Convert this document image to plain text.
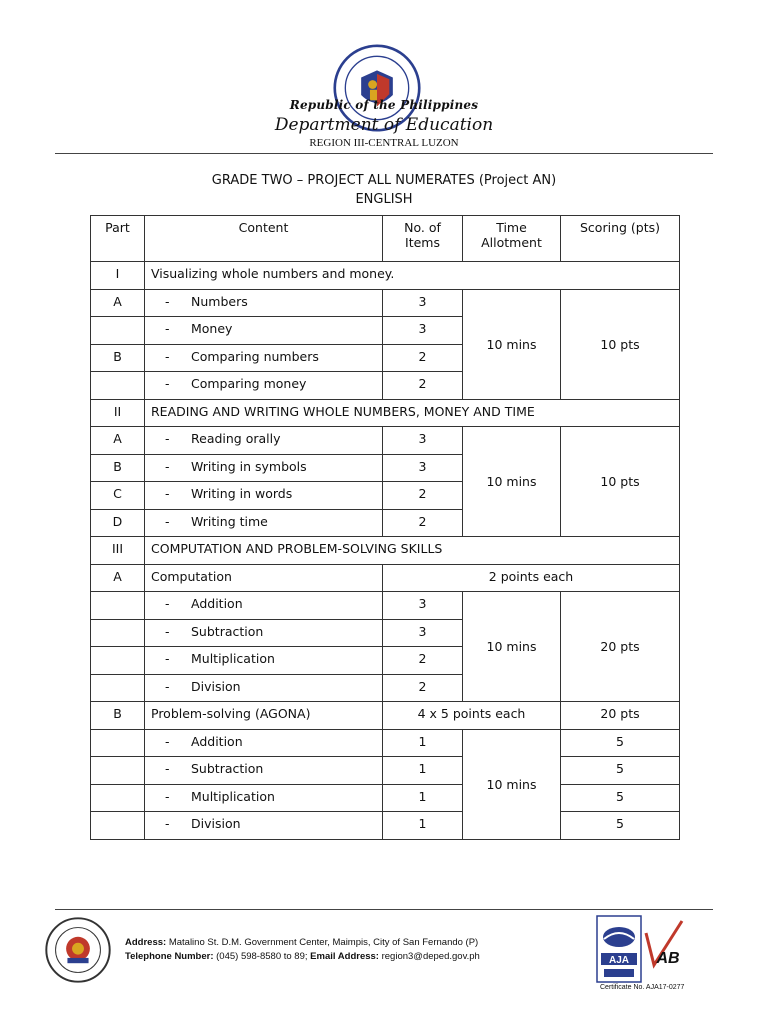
Republic of the Philippines
Department of Education
REGION III-CENTRAL LUZON
GRADE TWO – PROJECT ALL NUMERATES (Project AN)
ENGLISH
Part	Content	No. of Items	Time Allotment	Scoring (pts)
I	Visualizing whole numbers and money.			
A	- Numbers	3	10 mins	10 pts
	- Money	3		
B	- Comparing numbers	2		
	- Comparing money	2		
II	READING AND WRITING WHOLE NUMBERS, MONEY AND TIME			
A	- Reading orally	3	10 mins	10 pts
B	- Writing in symbols	3		
C	- Writing in words	2		
D	- Writing time	2		
III	COMPUTATION AND PROBLEM-SOLVING SKILLS			
A	Computation	2 points each		
	- Addition	3	10 mins	20 pts
	- Subtraction	3		
	- Multiplication	2		
	- Division	2		
B	Problem-solving (AGONA)	4 x 5 points each		20 pts
	- Addition	1	10 mins	5
	- Subtraction	1		5
	- Multiplication	1		5
	- Division	1		5
Address: Matalino St. D.M. Government Center, Maimpis, City of San Fernando (P)
Telephone Number: (045) 598-8580 to 89; Email Address: region3@deped.gov.ph	AJA AB
Certificate No. AJA17-0277
